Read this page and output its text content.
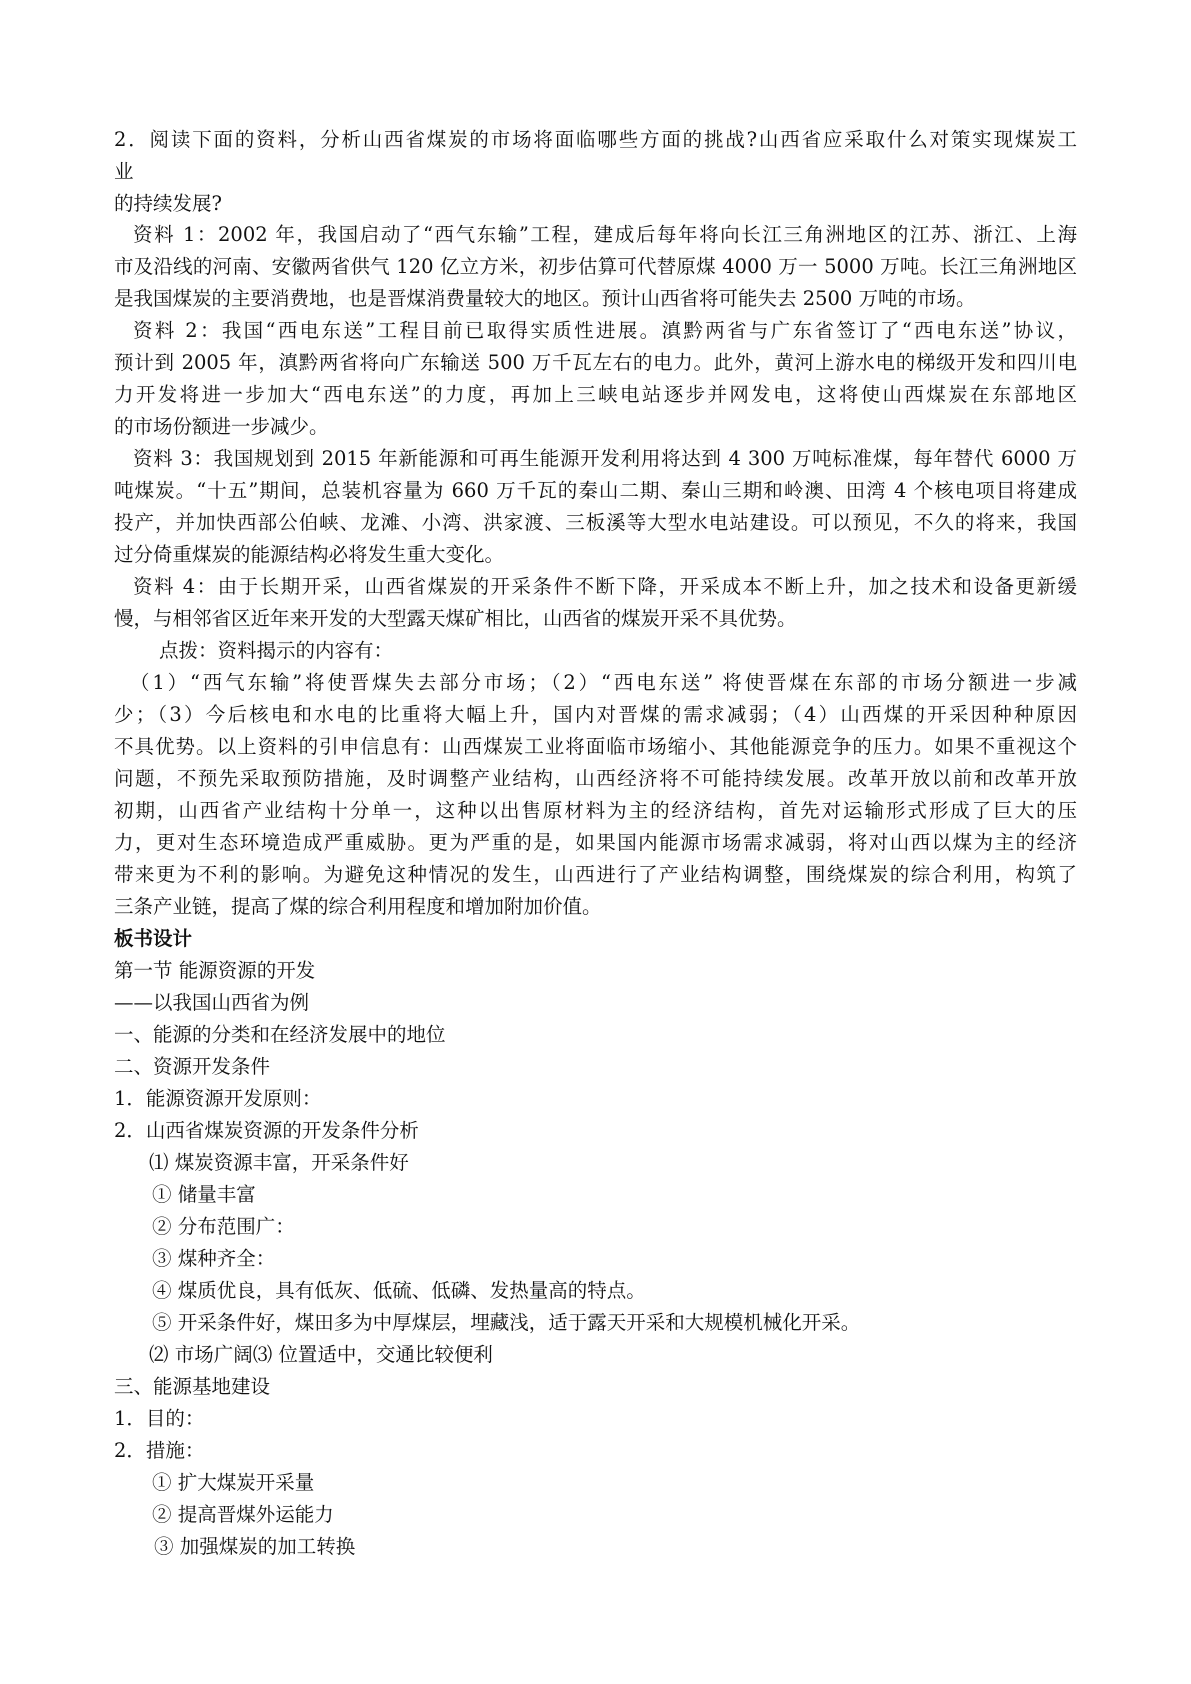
2．阅读下面的资料，分析山西省煤炭的市场将面临哪些方面的挑战?山西省应采取什么对策实现煤炭工
业
的持续发展?
资料 1：2002 年，我国启动了“西气东输”工程，建成后每年将向长江三角洲地区的江苏、浙江、上海
市及沿线的河南、安徽两省供气 120 亿立方米，初步估算可代替原煤 4000 万一 5000 万吨。长江三角洲地区
是我国煤炭的主要消费地，也是晋煤消费量较大的地区。预计山西省将可能失去 2500 万吨的市场。
资料 2：我国“西电东送”工程目前已取得实质性进展。滇黔两省与广东省签订了“西电东送”协议，
预计到 2005 年，滇黔两省将向广东输送 500 万千瓦左右的电力。此外，黄河上游水电的梯级开发和四川电
力开发将进一步加大“西电东送”的力度，再加上三峡电站逐步并网发电，这将使山西煤炭在东部地区
的市场份额进一步减少。
资料 3：我国规划到 2015 年新能源和可再生能源开发利用将达到 4 300 万吨标准煤，每年替代 6000 万
吨煤炭。“十五”期间，总装机容量为 660 万千瓦的秦山二期、秦山三期和岭澳、田湾 4 个核电项目将建成
投产，并加快西部公伯峡、龙滩、小湾、洪家渡、三板溪等大型水电站建设。可以预见，不久的将来，我国
过分倚重煤炭的能源结构必将发生重大变化。
资料 4：由于长期开采，山西省煤炭的开采条件不断下降，开采成本不断上升，加之技术和设备更新缓
慢，与相邻省区近年来开发的大型露天煤矿相比，山西省的煤炭开采不具优势。
点拨：资料揭示的内容有：
（1）“西气东输”将使晋煤失去部分市场；（2）“西电东送” 将使晋煤在东部的市场分额进一步减
少；（3）今后核电和水电的比重将大幅上升，国内对晋煤的需求减弱；（4）山西煤的开采因种种原因
不具优势。以上资料的引申信息有：山西煤炭工业将面临市场缩小、其他能源竞争的压力。如果不重视这个
问题，不预先采取预防措施，及时调整产业结构，山西经济将不可能持续发展。改革开放以前和改革开放
初期，山西省产业结构十分单一，这种以出售原材料为主的经济结构，首先对运输形式形成了巨大的压
力，更对生态环境造成严重威胁。更为严重的是，如果国内能源市场需求减弱，将对山西以煤为主的经济
带来更为不利的影响。为避免这种情况的发生，山西进行了产业结构调整，围绕煤炭的综合利用，构筑了
三条产业链，提高了煤的综合利用程度和增加附加价值。
板书设计
第一节 能源资源的开发
——以我国山西省为例
一、能源的分类和在经济发展中的地位
二、资源开发条件
1．能源资源开发原则：
2．山西省煤炭资源的开发条件分析
⑴ 煤炭资源丰富，开采条件好
① 储量丰富
② 分布范围广：
③ 煤种齐全：
④ 煤质优良，具有低灰、低硫、低磷、发热量高的特点。
⑤ 开采条件好，煤田多为中厚煤层，埋藏浅，适于露天开采和大规模机械化开采。
⑵ 市场广阔⑶ 位置适中，交通比较便利
三、能源基地建设
1．目的：
2．措施：
① 扩大煤炭开采量
② 提高晋煤外运能力
③ 加强煤炭的加工转换
